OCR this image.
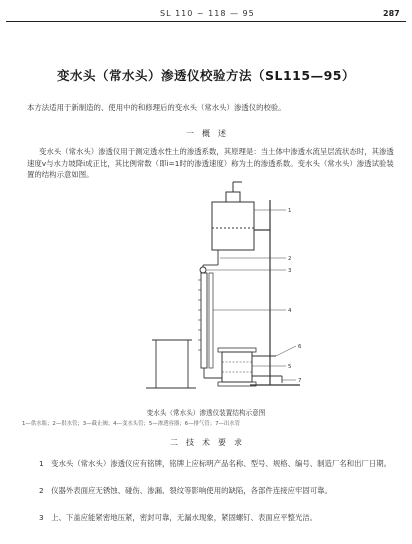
SL 110 ~ 118 — 95	287
变水头（常水头）渗透仪校验方法（SL115—95）
本方法适用于新制造的、使用中的和修理后的变水头（常水头）渗透仪的校验。
一　概　述
变水头（常水头）渗透仪用于测定透水性土的渗透系数，其原理是：当土体中渗透水流呈层流状态时，其渗透速度v与水力坡降i成正比，其比例常数（即i=1时的渗透速度）称为土的渗透系数。变水头（常水头）渗透试验装置的结构示意如图。
1
2
3
4
5
6
7
变水头（常水头）渗透仪装置结构示意图
1—供水瓶；2—供水管；3—截止阀；4—变水头管；5—渗透容器；6—排气管；7—出水管
二　技　术　要　求
1　变水头（常水头）渗透仪应有铭牌，铭牌上应标明产品名称、型号、规格、编号、制造厂名和出厂日期。
2　仪器外表面应无锈蚀、碰伤、渗漏、裂纹等影响使用的缺陷，各部件连接应牢固可靠。
3　上、下盖应能紧密地压紧，密封可靠，无漏水现象，紧固螺钉、表面应平整光洁。
